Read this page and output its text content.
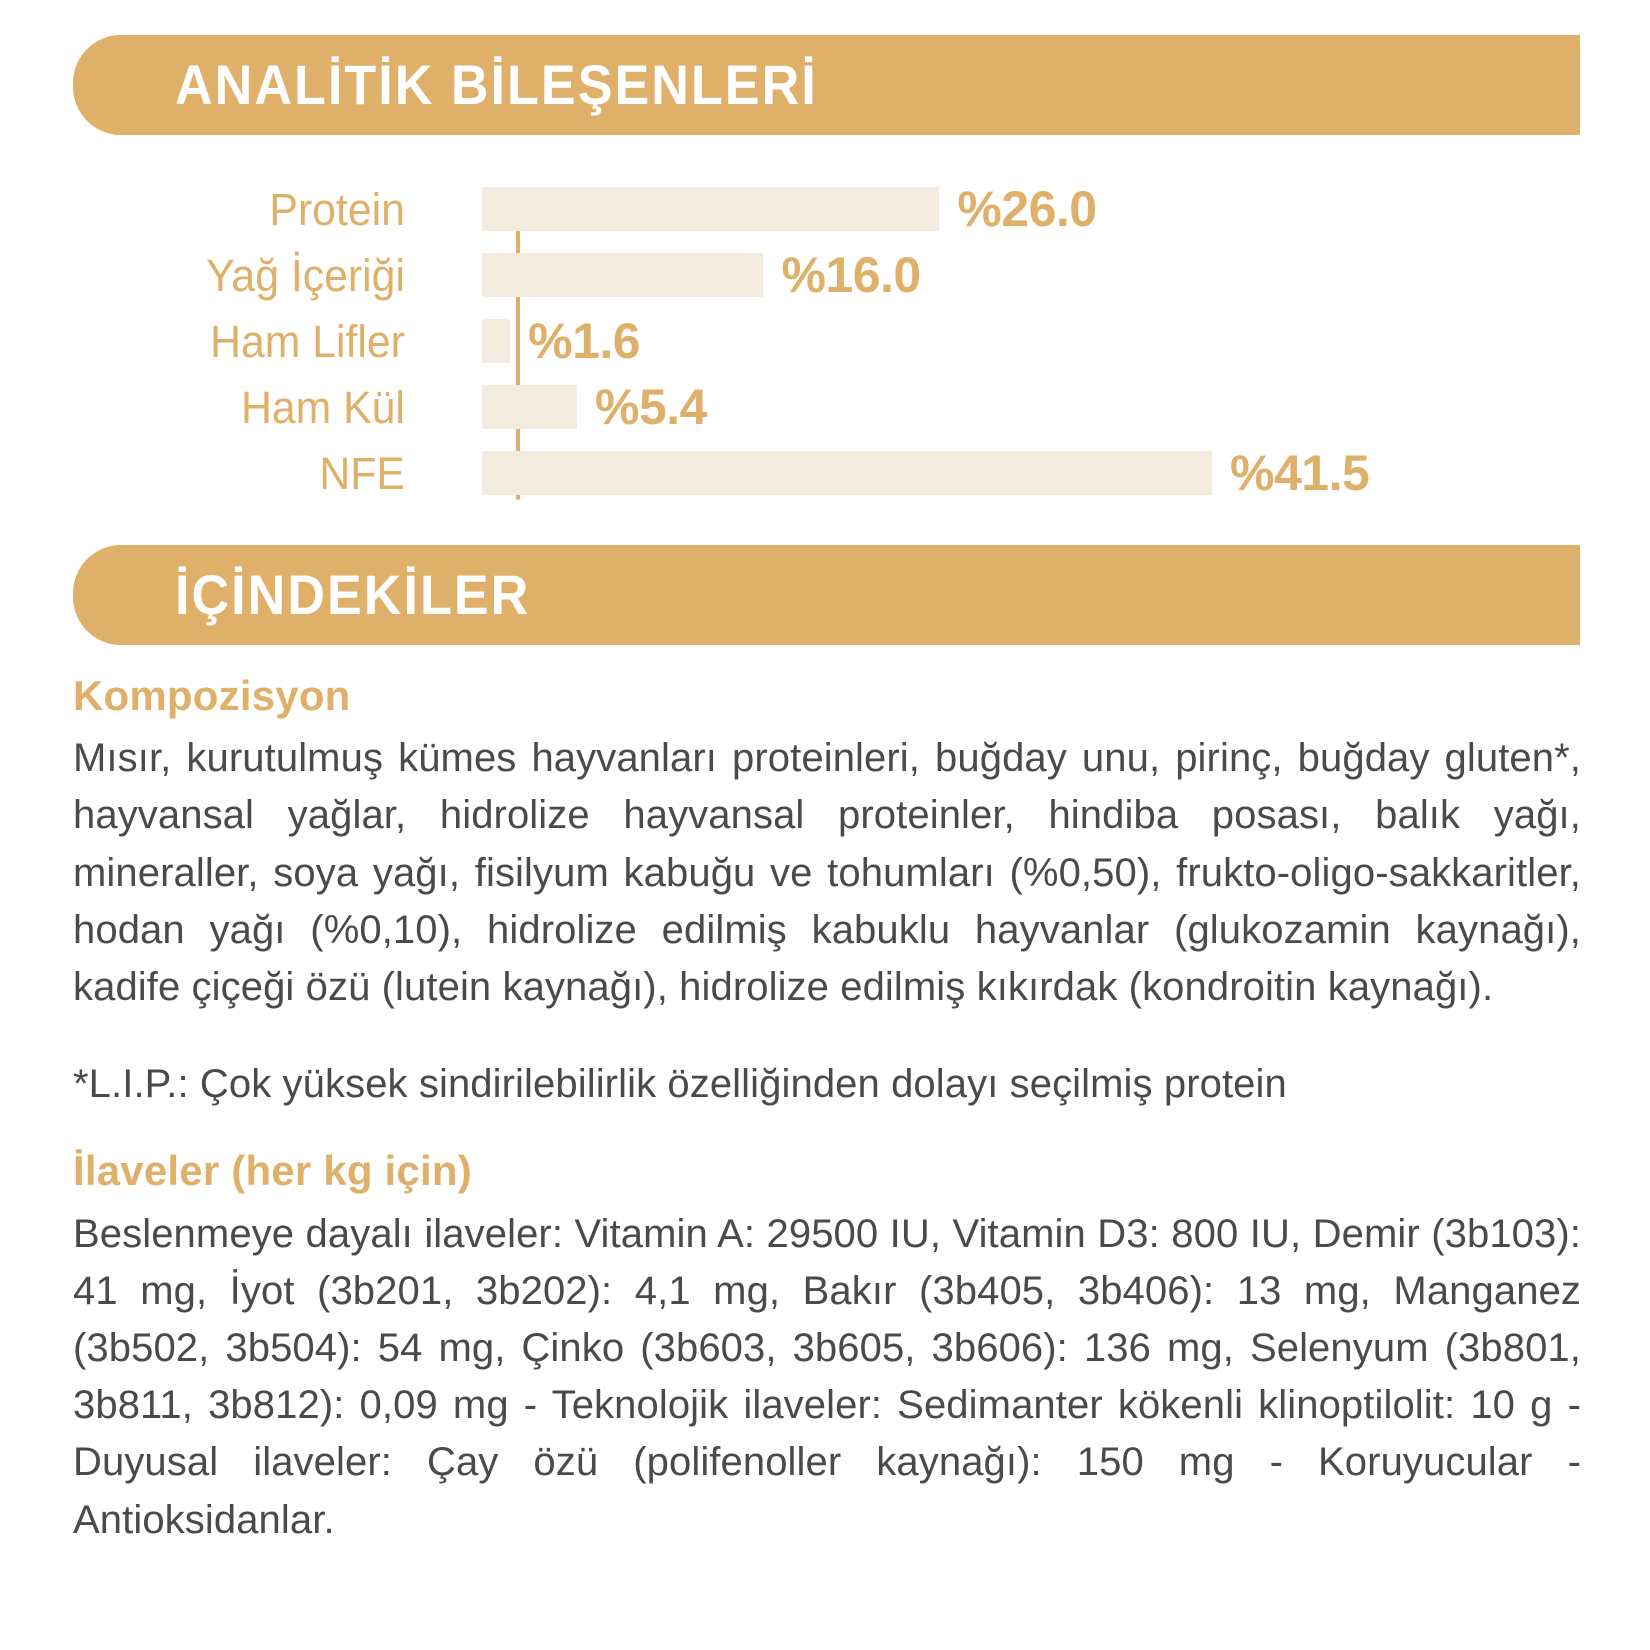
ANALİTİK BİLEŞENLERİ
Protein	%26.0
Yağ İçeriği	%16.0
Ham Lifler	%1.6
Ham Kül	%5.4
NFE	%41.5
İÇİNDEKİLER
Kompozisyon

Mısır, kurutulmuş kümes hayvanları proteinleri, buğday unu, pirinç, buğday gluten*, hayvansal yağlar, hidrolize hayvansal proteinler, hindiba posası, balık yağı, mineraller, soya yağı, fisilyum kabuğu ve tohumları (%0,50), frukto-oligo-sakkaritler, hodan yağı (%0,10), hidrolize edilmiş kabuklu hayvanlar (glukozamin kaynağı), kadife çiçeği özü (lutein kaynağı), hidrolize edilmiş kıkırdak (kondroitin kaynağı).

*L.I.P.: Çok yüksek sindirilebilirlik özelliğinden dolayı seçilmiş protein

İlaveler (her kg için)

Beslenmeye dayalı ilaveler: Vitamin A: 29500 IU, Vitamin D3: 800 IU, Demir (3b103): 41 mg, İyot (3b201, 3b202): 4,1 mg, Bakır (3b405, 3b406): 13 mg, Manganez (3b502, 3b504): 54 mg, Çinko (3b603, 3b605, 3b606): 136 mg, Selenyum (3b801, 3b811, 3b812): 0,09 mg - Teknolojik ilaveler: Sedimanter kökenli klinoptilolit: 10 g - Duyusal ilaveler: Çay özü (polifenoller kaynağı): 150 mg - Koruyucular - Antioksidanlar.
